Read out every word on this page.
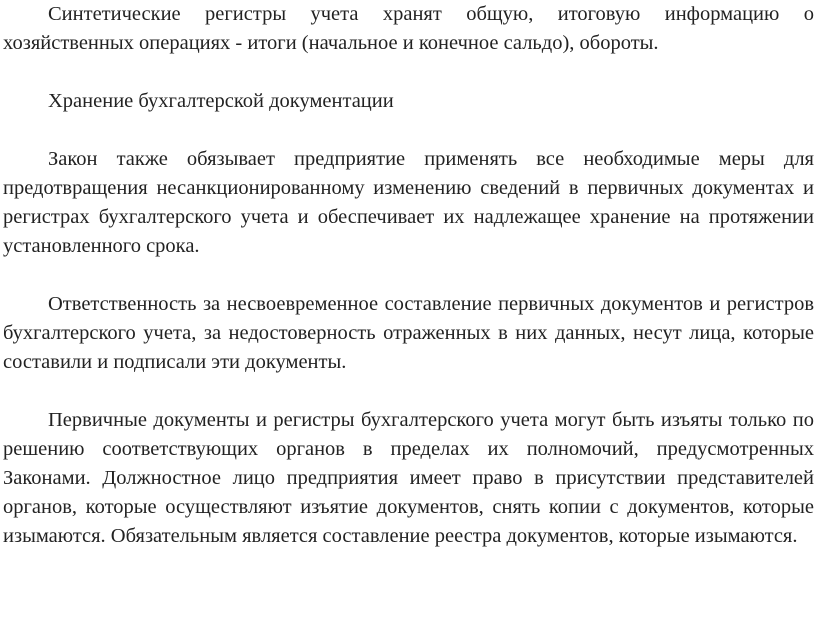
Синтетические регистры учета хранят общую, итоговую информацию о хозяйственных операциях - итоги (начальное и конечное сальдо), обороты.

Хранение бухгалтерской документации

Закон также обязывает предприятие применять все необходимые меры для предотвращения несанкционированному изменению сведений в первичных документах и регистрах бухгалтерского учета и обеспечивает их надлежащее хранение на протяжении установленного срока.

Ответственность за несвоевременное составление первичных документов и регистров бухгалтерского учета, за недостоверность отраженных в них данных, несут лица, которые составили и подписали эти документы.

Первичные документы и регистры бухгалтерского учета могут быть изъяты только по решению соответствующих органов в пределах их полномочий, предусмотренных Законами. Должностное лицо предприятия имеет право в присутствии представителей органов, которые осуществляют изъятие документов, снять копии с документов, которые изымаются. Обязательным является составление реестра документов, которые изымаются.
